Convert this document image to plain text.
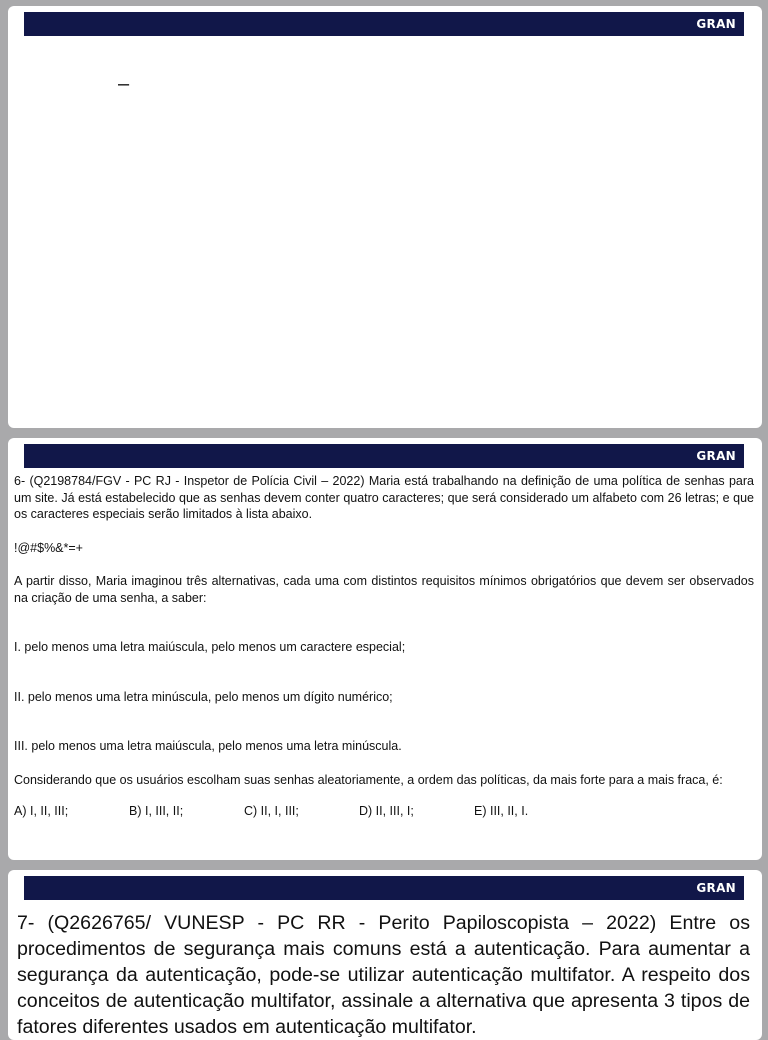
GRAN
–
GRAN

6- (Q2198784/FGV - PC RJ - Inspetor de Polícia Civil – 2022) Maria está trabalhando na definição de uma política de senhas para um site. Já está estabelecido que as senhas devem conter quatro caracteres; que será considerado um alfabeto com 26 letras; e que os caracteres especiais serão limitados à lista abaixo.

!@#$%&*=+

A partir disso, Maria imaginou três alternativas, cada uma com distintos requisitos mínimos obrigatórios que devem ser observados na criação de uma senha, a saber:

I. pelo menos uma letra maiúscula, pelo menos um caractere especial;

II. pelo menos uma letra minúscula, pelo menos um dígito numérico;

III. pelo menos uma letra maiúscula, pelo menos uma letra minúscula.

Considerando que os usuários escolham suas senhas aleatoriamente, a ordem das políticas, da mais forte para a mais fraca, é:

A) I, II, III;	B) I, III, II;	C) II, I, III;	D) II, III, I;	E) III, II, I.
GRAN

7- (Q2626765/ VUNESP - PC RR - Perito Papiloscopista – 2022) Entre os procedimentos de segurança mais comuns está a autenticação. Para aumentar a segurança da autenticação, pode-se utilizar autenticação multifator. A respeito dos conceitos de autenticação multifator, assinale a alternativa que apresenta 3 tipos de fatores diferentes usados em autenticação multifator.
